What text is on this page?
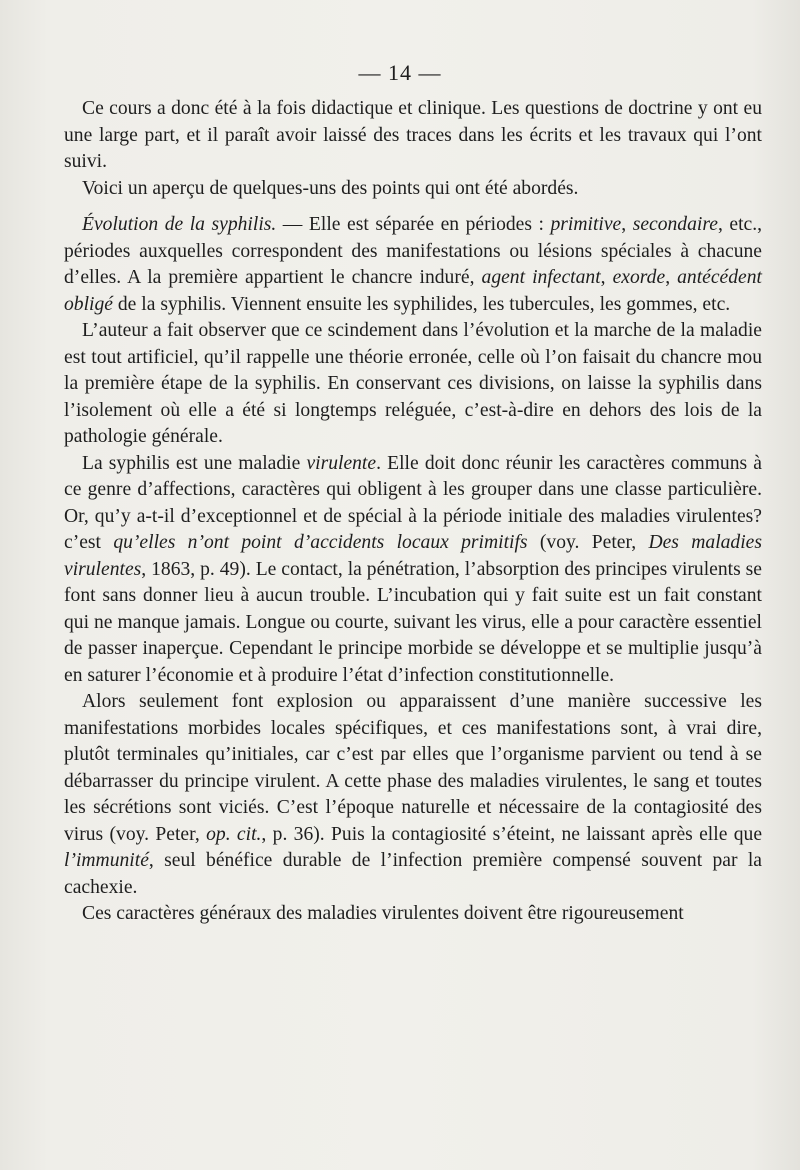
— 14 —

Ce cours a donc été à la fois didactique et clinique. Les questions de doctrine y ont eu une large part, et il paraît avoir laissé des traces dans les écrits et les travaux qui l’ont suivi.

Voici un aperçu de quelques-uns des points qui ont été abordés.

Évolution de la syphilis. — Elle est séparée en périodes : primitive, secondaire, etc., périodes auxquelles correspondent des manifestations ou lésions spéciales à chacune d’elles. A la première appartient le chancre induré, agent infectant, exorde, antécédent obligé de la syphilis. Viennent ensuite les syphilides, les tubercules, les gommes, etc.

L’auteur a fait observer que ce scindement dans l’évolution et la marche de la maladie est tout artificiel, qu’il rappelle une théorie erronée, celle où l’on faisait du chancre mou la première étape de la syphilis. En conservant ces divisions, on laisse la syphilis dans l’isolement où elle a été si longtemps reléguée, c’est-à-dire en dehors des lois de la pathologie générale.

La syphilis est une maladie virulente. Elle doit donc réunir les caractères communs à ce genre d’affections, caractères qui obligent à les grouper dans une classe particulière. Or, qu’y a-t-il d’exceptionnel et de spécial à la période initiale des maladies virulentes? c’est qu’elles n’ont point d’accidents locaux primitifs (voy. Peter, Des maladies virulentes, 1863, p. 49). Le contact, la pénétration, l’absorption des principes virulents se font sans donner lieu à aucun trouble. L’incubation qui y fait suite est un fait constant qui ne manque jamais. Longue ou courte, suivant les virus, elle a pour caractère essentiel de passer inaperçue. Cependant le principe morbide se développe et se multiplie jusqu’à en saturer l’économie et à produire l’état d’infection constitutionnelle.

Alors seulement font explosion ou apparaissent d’une manière successive les manifestations morbides locales spécifiques, et ces manifestations sont, à vrai dire, plutôt terminales qu’initiales, car c’est par elles que l’organisme parvient ou tend à se débarrasser du principe virulent. A cette phase des maladies virulentes, le sang et toutes les sécrétions sont viciés. C’est l’époque naturelle et nécessaire de la contagiosité des virus (voy. Peter, op. cit., p. 36). Puis la contagiosité s’éteint, ne laissant après elle que l’immunité, seul bénéfice durable de l’infection première compensé souvent par la cachexie.

Ces caractères généraux des maladies virulentes doivent être rigoureusement
